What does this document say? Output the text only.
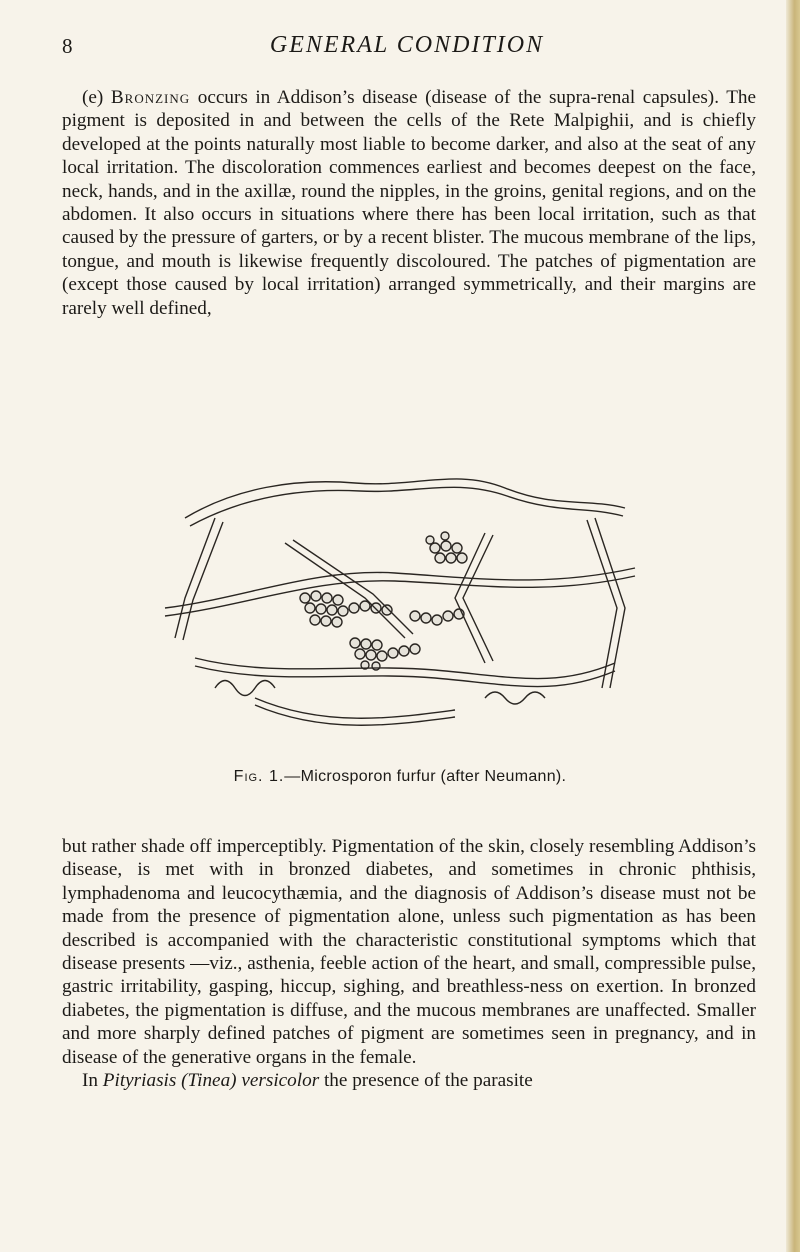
8	GENERAL CONDITION
(e) Bronzing occurs in Addison’s disease (disease of the supra-renal capsules). The pigment is deposited in and between the cells of the Rete Malpighii, and is chiefly developed at the points naturally most liable to become darker, and also at the seat of any local irritation. The discoloration commences earliest and becomes deepest on the face, neck, hands, and in the axillæ, round the nipples, in the groins, genital regions, and on the abdomen. It also occurs in situations where there has been local irritation, such as that caused by the pressure of garters, or by a recent blister. The mucous membrane of the lips, tongue, and mouth is likewise frequently discoloured. The patches of pigmentation are (except those caused by local irritation) arranged symmetrically, and their margins are rarely well defined,
Fig. 1.—Microsporon furfur (after Neumann).

but rather shade off imperceptibly. Pigmentation of the skin, closely resembling Addison’s disease, is met with in bronzed diabetes, and sometimes in chronic phthisis, lymphadenoma and leucocythæmia, and the diagnosis of Addison’s disease must not be made from the presence of pigmentation alone, unless such pigmentation as has been described is accompanied with the characteristic constitutional symptoms which that disease presents —viz., asthenia, feeble action of the heart, and small, compressible pulse, gastric irritability, gasping, hiccup, sighing, and breathless-ness on exertion. In bronzed diabetes, the pigmentation is diffuse, and the mucous membranes are unaffected. Smaller and more sharply defined patches of pigment are sometimes seen in pregnancy, and in disease of the generative organs in the female.

In Pityriasis (Tinea) versicolor the presence of the parasite
